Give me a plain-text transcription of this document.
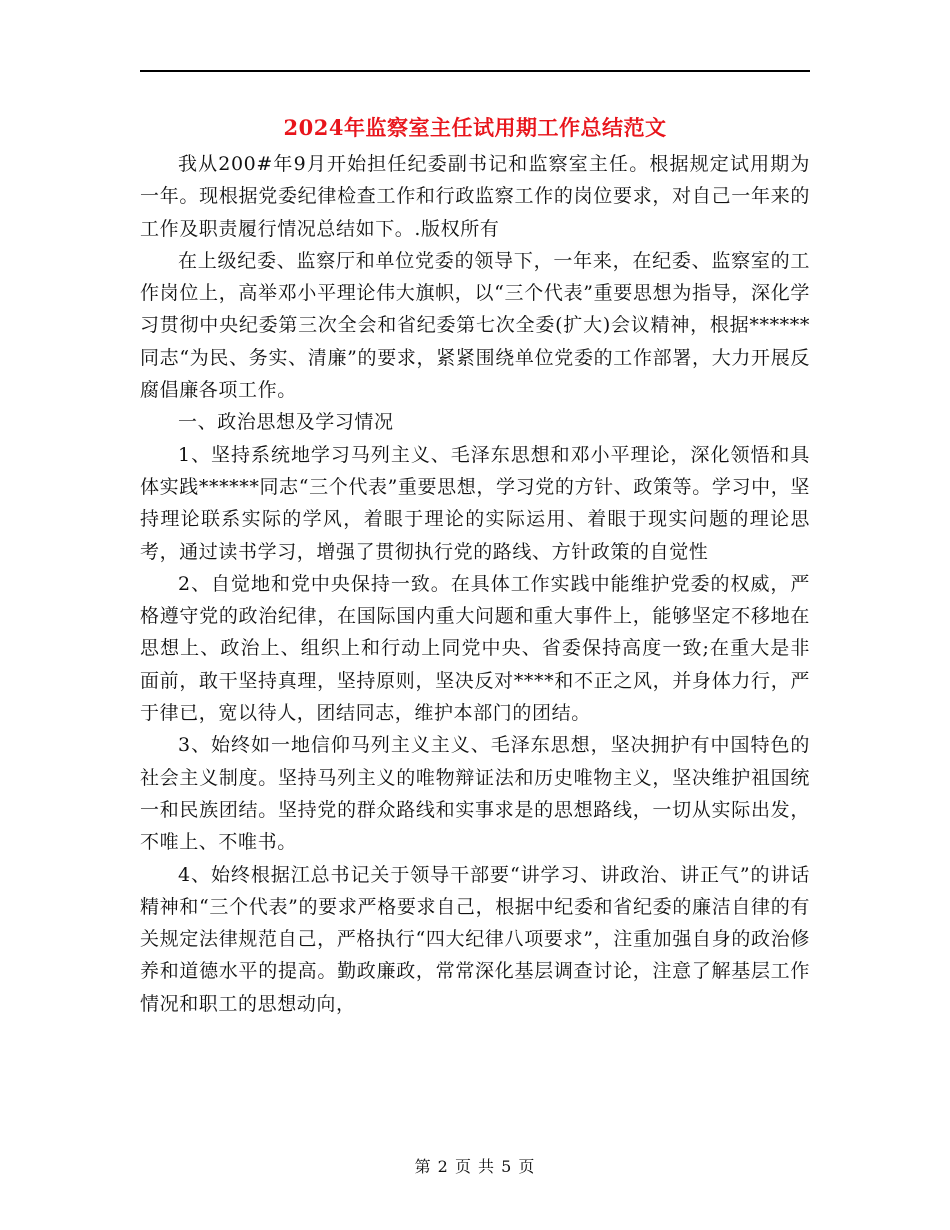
2024年监察室主任试用期工作总结范文

我从200#年9月开始担任纪委副书记和监察室主任。根据规定试用期为一年。现根据党委纪律检查工作和行政监察工作的岗位要求，对自己一年来的工作及职责履行情况总结如下。.版权所有

在上级纪委、监察厅和单位党委的领导下，一年来，在纪委、监察室的工作岗位上，高举邓小平理论伟大旗帜，以“三个代表”重要思想为指导，深化学习贯彻中央纪委第三次全会和省纪委第七次全委(扩大)会议精神，根据******同志“为民、务实、清廉”的要求，紧紧围绕单位党委的工作部署，大力开展反腐倡廉各项工作。

一、政治思想及学习情况

1、坚持系统地学习马列主义、毛泽东思想和邓小平理论，深化领悟和具体实践******同志“三个代表”重要思想，学习党的方针、政策等。学习中，坚持理论联系实际的学风，着眼于理论的实际运用、着眼于现实问题的理论思考，通过读书学习，增强了贯彻执行党的路线、方针政策的自觉性

2、自觉地和党中央保持一致。在具体工作实践中能维护党委的权威，严格遵守党的政治纪律，在国际国内重大问题和重大事件上，能够坚定不移地在思想上、政治上、组织上和行动上同党中央、省委保持高度一致;在重大是非面前，敢干坚持真理，坚持原则，坚决反对****和不正之风，并身体力行，严于律已，宽以待人，团结同志，维护本部门的团结。

3、始终如一地信仰马列主义主义、毛泽东思想，坚决拥护有中国特色的社会主义制度。坚持马列主义的唯物辩证法和历史唯物主义，坚决维护祖国统一和民族团结。坚持党的群众路线和实事求是的思想路线，一切从实际出发，不唯上、不唯书。

4、始终根据江总书记关于领导干部要“讲学习、讲政治、讲正气”的讲话精神和“三个代表”的要求严格要求自己，根据中纪委和省纪委的廉洁自律的有关规定法律规范自己，严格执行“四大纪律八项要求”，注重加强自身的政治修养和道德水平的提高。勤政廉政，常常深化基层调查讨论，注意了解基层工作情况和职工的思想动向，

第 2 页 共 5 页
